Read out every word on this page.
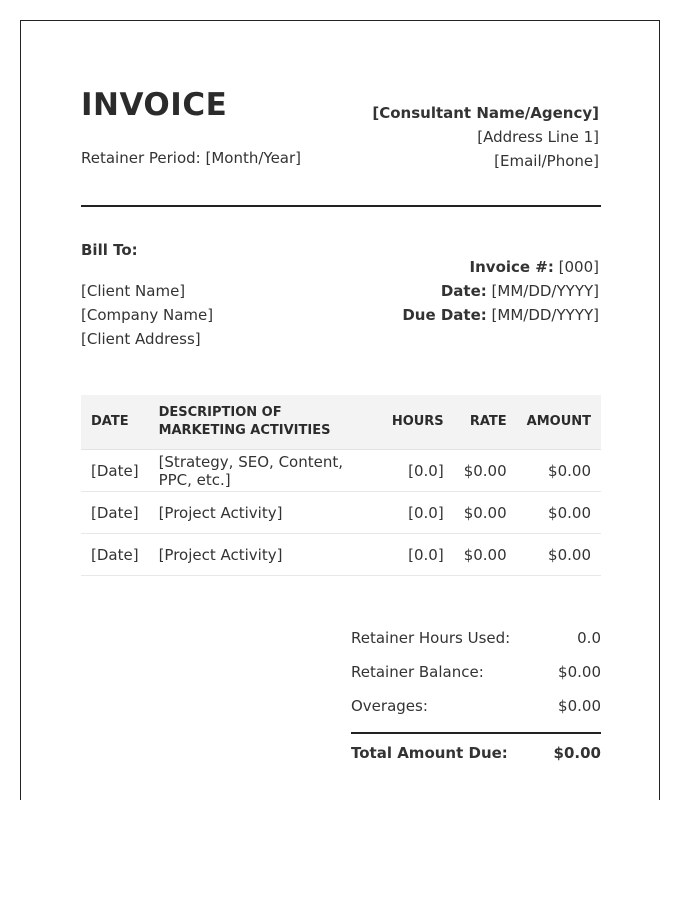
INVOICE
Retainer Period: [Month/Year]
[Consultant Name/Agency]
[Address Line 1]
[Email/Phone]
Bill To:
[Client Name]
[Company Name]
[Client Address]
Invoice #: [000]
Date: [MM/DD/YYYY]
Due Date: [MM/DD/YYYY]
DATE	DESCRIPTION OF MARKETING ACTIVITIES	HOURS	RATE	AMOUNT
[Date]	[Strategy, SEO, Content, PPC, etc.]	[0.0]	$0.00	$0.00
[Date]	[Project Activity]	[0.0]	$0.00	$0.00
[Date]	[Project Activity]	[0.0]	$0.00	$0.00
Retainer Hours Used:	0.0
Retainer Balance:	$0.00
Overages:	$0.00
Total Amount Due:	$0.00
